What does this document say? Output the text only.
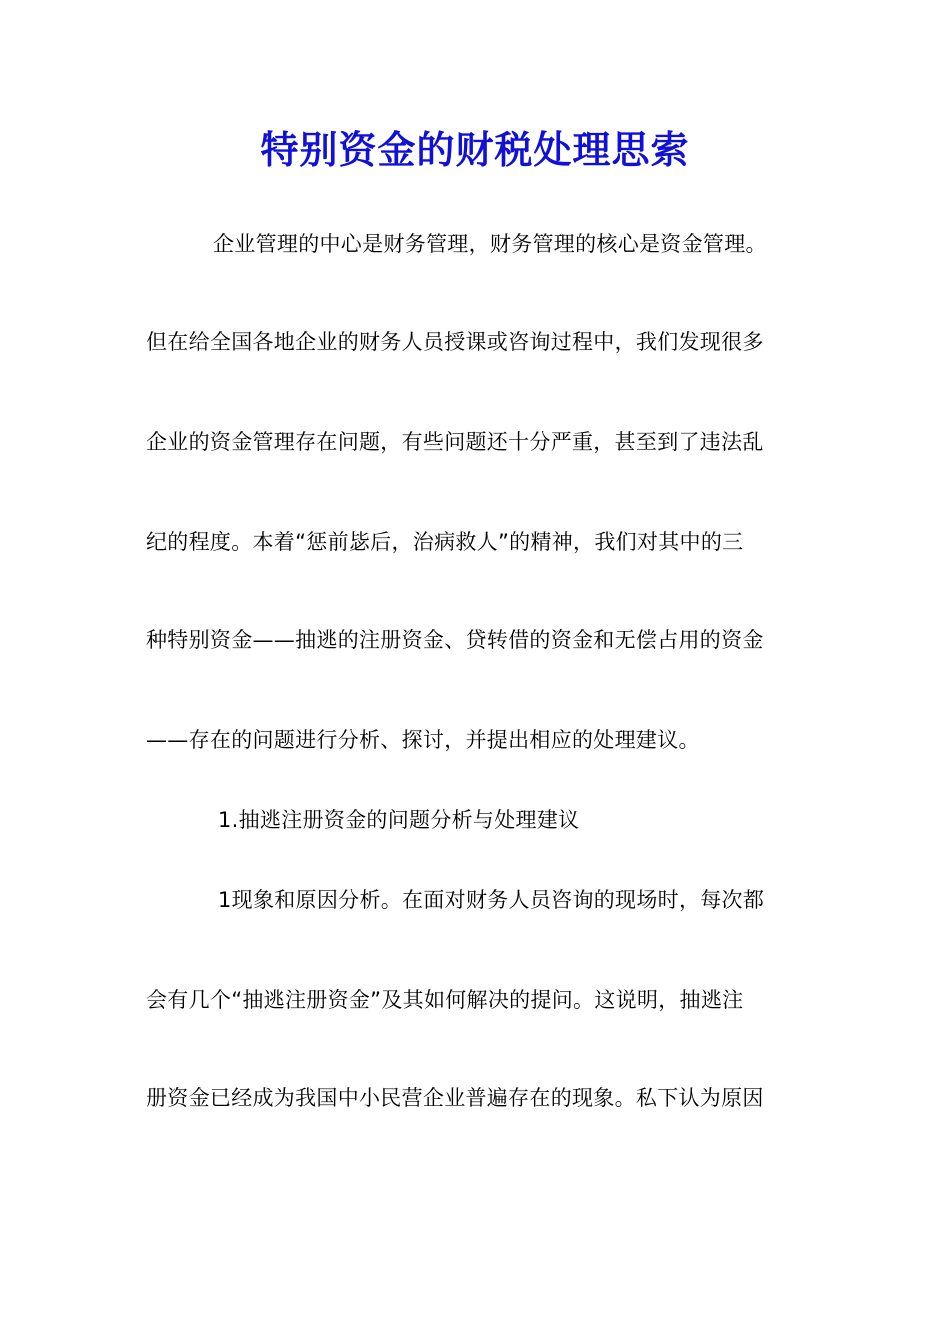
特别资金的财税处理思索
企业管理的中心是财务管理，财务管理的核心是资金管理。
但在给全国各地企业的财务人员授课或咨询过程中，我们发现很多
企业的资金管理存在问题，有些问题还十分严重，甚至到了违法乱
纪的程度。本着“惩前毖后，治病救人”的精神，我们对其中的三
种特别资金——抽逃的注册资金、贷转借的资金和无偿占用的资金
——存在的问题进行分析、探讨，并提出相应的处理建议。
1.抽逃注册资金的问题分析与处理建议
1现象和原因分析。在面对财务人员咨询的现场时，每次都
会有几个“抽逃注册资金”及其如何解决的提问。这说明，抽逃注
册资金已经成为我国中小民营企业普遍存在的现象。私下认为原因
